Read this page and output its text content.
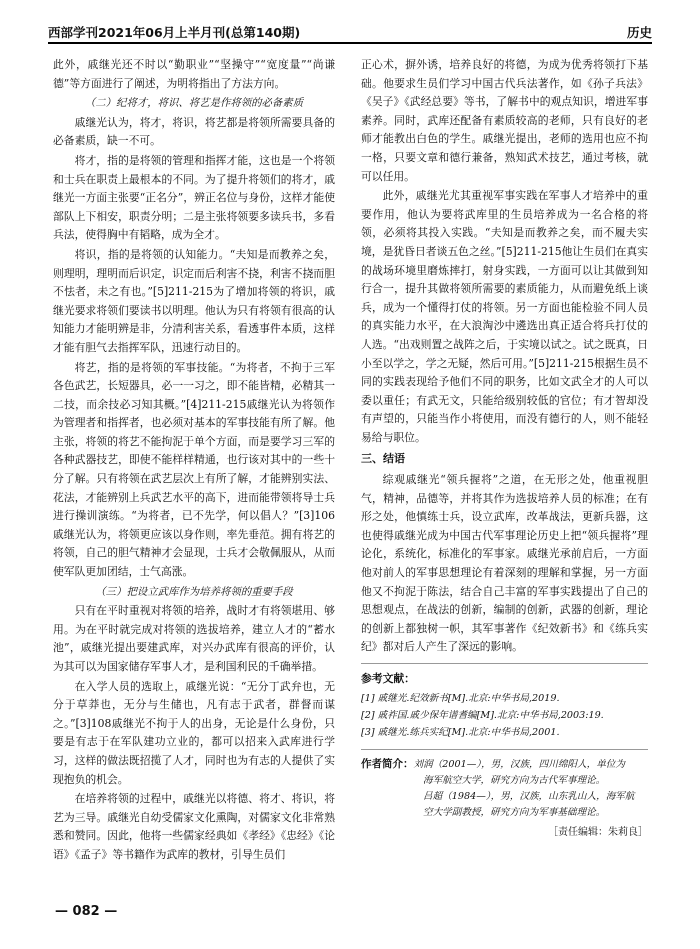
西部学刊2021年06月上半月刊(总第140期)	历史

此外，戚继光还不时以“勤职业”“坚操守”“宽度量”“尚谦德”等方面进行了阐述，为明将指出了方法方向。

（二）纪将才，将识、将艺是作将领的必备素质

戚继光认为，将才，将识，将艺都是将领所需要具备的必备素质，缺一不可。

将才，指的是将领的管理和指挥才能，这也是一个将领和士兵在职责上最根本的不同。为了提升将领们的将才，戚继光一方面主张要“正名分”，辨正名位与身份，这样才能使部队上下相安，职责分明；二是主张将领要多读兵书，多看兵法，使得胸中有韬略，成为全才。

将识，指的是将领的认知能力。“夫知是而教养之矣，则理明，理明而后识定，识定而后利害不挠，利害不挠而胆不怯者，未之有也。”[5]211-215为了增加将领的将识，戚继光要求将领们要读书以明理。他认为只有将领有很高的认知能力才能明辨是非，分清利害关系，看透事件本质，这样才能有胆气去指挥军队，迅速行动目的。

将艺，指的是将领的军事技能。“为将者，不拘于三军各色武艺，长短器具，必一一习之，即不能皆精，必精其一二技，而余技必习知其概。”[4]211-215戚继光认为将领作为管理者和指挥者，也必须对基本的军事技能有所了解。他主张，将领的将艺不能拘泥于单个方面，而是要学习三军的各种武器技艺，即使不能样样精通，也行该对其中的一些十分了解。只有将领在武艺层次上有所了解，才能辨别实法、花法，才能辨别上兵武艺水平的高下，进而能带领将导士兵进行操训演练。“为将者，已不先学，何以倡人？”[3]106戚继光认为，将领更应该以身作则，率先垂范。拥有将艺的将领，自己的胆气精神才会显现，士兵才会敬佩服从，从而使军队更加团结，士气高涨。

（三）把设立武库作为培养将领的重要手段

只有在平时重视对将领的培养，战时才有将领堪用、够用。为在平时就完成对将领的选拔培养，建立人才的“蓄水池”，戚继光提出要建武库，对兴办武库有很高的评价，认为其可以为国家储存军事人才，是利国利民的千确举措。

在入学人员的选取上，戚继光说：“无分丁武弁也，无分于草莽也，无分与生储也，凡有志于武者，群督而谋之。”[3]108戚继光不拘于人的出身，无论是什么身份，只要是有志于在军队建功立业的，都可以招来入武库进行学习，这样的做法既招揽了人才，同时也为有志的人提供了实现抱负的机会。

在培养将领的过程中，戚继光以将德、将才、将识，将艺为三导。戚继光自幼受儒家文化熏陶，对儒家文化非常熟悉和赞同。因此，他将一些儒家经典如《孝经》《忠经》《论语》《孟子》等书籍作为武库的教材，引导生员们

正心术，摒外诱，培养良好的将德，为成为优秀将领打下基础。他要求生员们学习中国古代兵法著作，如《孙子兵法》《吴子》《武经总要》等书，了解书中的观点知识，增进军事素养。同时，武库还配备有素质较高的老师，只有良好的老师才能教出白色的学生。戚继光提出，老师的选用也应不拘一格，只要文章和德行兼备，熟知武术技艺，通过考核，就可以任用。

此外，戚继光尤其重视军事实践在军事人才培养中的重要作用，他认为要将武库里的生员培养成为一名合格的将领，必须将其投入实践。“夫知是而教养之矣，而不履夫实境，是犹昏日者谈五色之丝。”[5]211-215他让生员们在真实的战场环境里磨炼摔打，射身实践，一方面可以让其做到知行合一，提升其做将领所需要的素质能力，从而避免纸上谈兵，成为一个懂得打仗的将领。另一方面也能检验不同人员的真实能力水平，在大浪淘沙中遴选出真正适合将兵打仗的人选。“出戏则置之战阵之后，于实境以试之。试之既真，日小至以学之，学之无疑，然后可用。”[5]211-215根据生员不同的实践表现给予他们不同的职务，比如文武全才的人可以委以重任；有武无文，只能给级别较低的官位；有才智却没有声望的，只能当作小将使用，而没有德行的人，则不能轻易给与职位。

三、结语

综观戚继光“领兵握将”之道，在无形之处，他重视胆气，精神，品德等，并将其作为选拔培养人员的标准；在有形之处，他慎练士兵，设立武库，改革战法，更新兵器，这也使得戚继光成为中国古代军事理论历史上把“领兵握将”理论化，系统化，标准化的军事家。戚继光承前启后，一方面他对前人的军事思想理论有着深刻的理解和掌握，另一方面他又不拘泥于陈法，结合自己丰富的军事实践提出了自己的思想观点，在战法的创新，编制的创新，武器的创新，理论的创新上都独树一帜，其军事著作《纪效新书》和《练兵实纪》都对后人产生了深远的影响。

参考文献：

[1] 戚继光.纪效新书[M].北京:中华书局,2019.

[2] 戚祚国.戚少保年谱耆编[M].北京:中华书局,2003:19.

[3] 戚继光.练兵实纪[M].北京:中华书局,2001.

作者简介：刘润（2001—），男，汉族，四川绵阳人，单位为
海军航空大学，研究方向为古代军事理论。
吕超（1984—），男，汉族，山东乳山人，海军航
空大学副教授，研究方向为军事基础理论。
［责任编辑：朱莉良］
— 082 —
